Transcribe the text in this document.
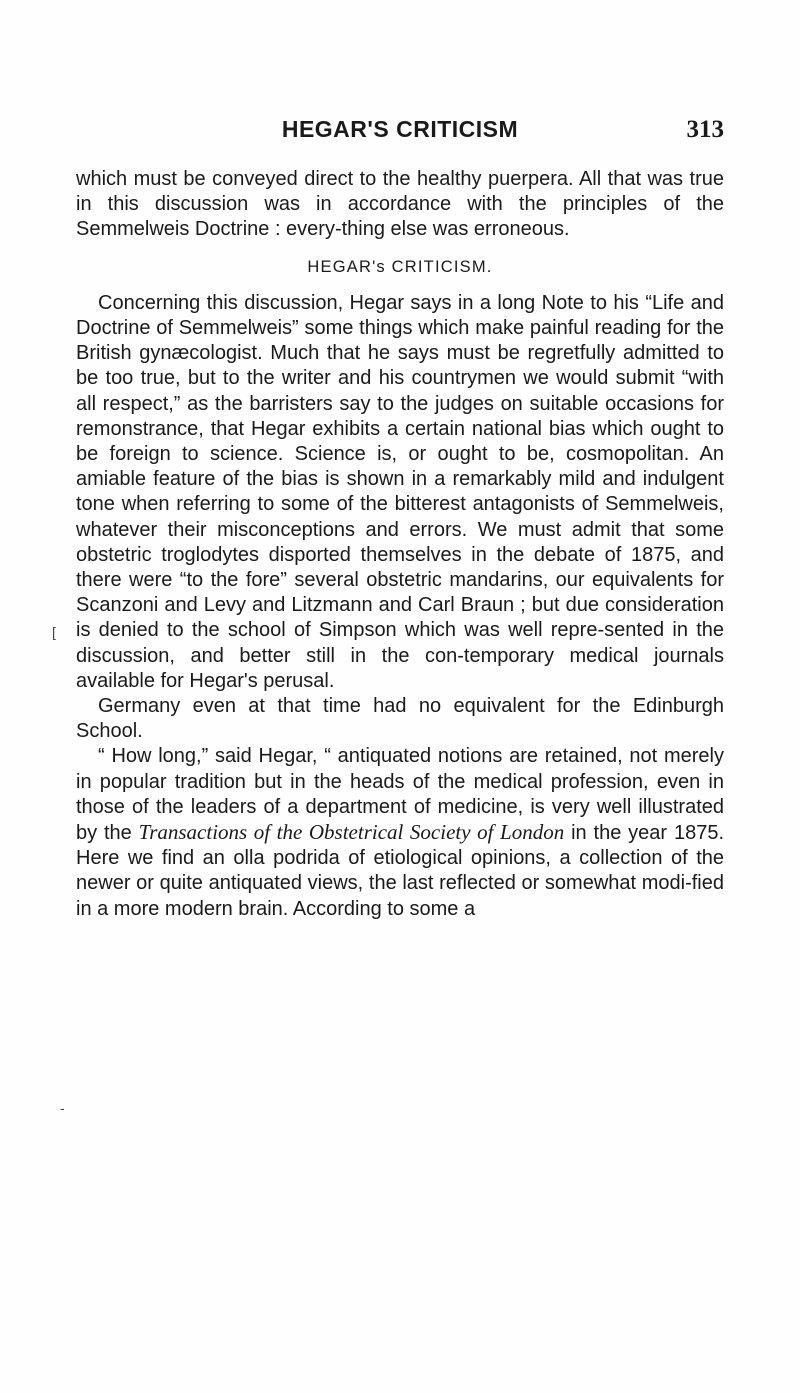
HEGAR'S CRITICISM	313

which must be conveyed direct to the healthy puerpera. All that was true in this discussion was in accordance with the principles of the Semmelweis Doctrine : every-thing else was erroneous.

HEGAR's CRITICISM.

Concerning this discussion, Hegar says in a long Note to his “Life and Doctrine of Semmelweis” some things which make painful reading for the British gynæcologist. Much that he says must be regretfully admitted to be too true, but to the writer and his countrymen we would submit “with all respect,” as the barristers say to the judges on suitable occasions for remonstrance, that Hegar exhibits a certain national bias which ought to be foreign to science. Science is, or ought to be, cosmopolitan. An amiable feature of the bias is shown in a remarkably mild and indulgent tone when referring to some of the bitterest antagonists of Semmelweis, whatever their misconceptions and errors. We must admit that some obstetric troglodytes disported themselves in the debate of 1875, and there were “to the fore” several obstetric mandarins, our equivalents for Scanzoni and Levy and Litzmann and Carl Braun ; but due consideration is denied to the school of Simpson which was well repre-sented in the discussion, and better still in the con-temporary medical journals available for Hegar's perusal.

Germany even at that time had no equivalent for the Edinburgh School.

“ How long,” said Hegar, “ antiquated notions are retained, not merely in popular tradition but in the heads of the medical profession, even in those of the leaders of a department of medicine, is very well illustrated by the Transactions of the Obstetrical Society of London in the year 1875. Here we find an olla podrida of etiological opinions, a collection of the newer or quite antiquated views, the last reflected or somewhat modi-fied in a more modern brain. According to some a

[
-
